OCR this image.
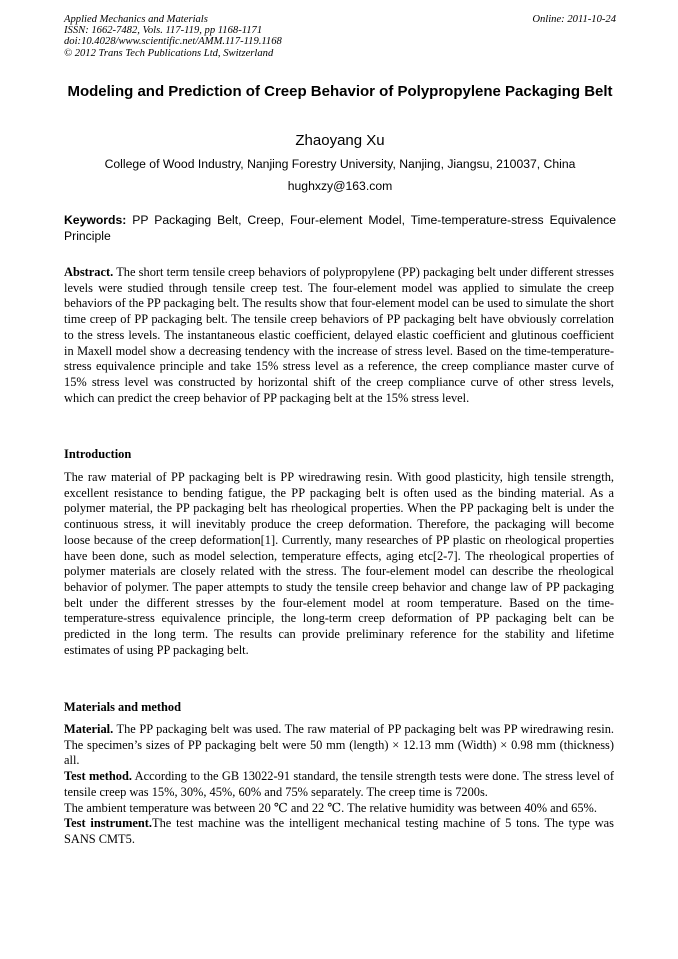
Applied Mechanics and Materials
ISSN: 1662-7482, Vols. 117-119, pp 1168-1171
doi:10.4028/www.scientific.net/AMM.117-119.1168
© 2012 Trans Tech Publications Ltd, Switzerland
Online: 2011-10-24
Modeling and Prediction of Creep Behavior of Polypropylene Packaging Belt
Zhaoyang Xu
College of Wood Industry, Nanjing Forestry University, Nanjing, Jiangsu, 210037, China
hughxzy@163.com
Keywords: PP Packaging Belt, Creep, Four-element Model, Time-temperature-stress Equivalence Principle

Abstract. The short term tensile creep behaviors of polypropylene (PP) packaging belt under different stresses levels were studied through tensile creep test. The four-element model was applied to simulate the creep behaviors of the PP packaging belt. The results show that four-element model can be used to simulate the short time creep of PP packaging belt. The tensile creep behaviors of PP packaging belt have obviously correlation to the stress levels. The instantaneous elastic coefficient, delayed elastic coefficient and glutinous coefficient in Maxell model show a decreasing tendency with the increase of stress level. Based on the time-temperature-stress equivalence principle and take 15% stress level as a reference, the creep compliance master curve of 15% stress level was constructed by horizontal shift of the creep compliance curve of other stress levels, which can predict the creep behavior of PP packaging belt at the 15% stress level.

Introduction

The raw material of PP packaging belt is PP wiredrawing resin. With good plasticity, high tensile strength, excellent resistance to bending fatigue, the PP packaging belt is often used as the binding material. As a polymer material, the PP packaging belt has rheological properties. When the PP packaging belt is under the continuous stress, it will inevitably produce the creep deformation. Therefore, the packaging will become loose because of the creep deformation[1]. Currently, many researches of PP plastic on rheological properties have been done, such as model selection, temperature effects, aging etc[2-7]. The rheological properties of polymer materials are closely related with the stress. The four-element model can describe the rheological behavior of polymer. The paper attempts to study the tensile creep behavior and change law of PP packaging belt under the different stresses by the four-element model at room temperature. Based on the time-temperature-stress equivalence principle, the long-term creep deformation of PP packaging belt can be predicted in the long term. The results can provide preliminary reference for the stability and lifetime estimates of using PP packaging belt.

Materials and method

Material. The PP packaging belt was used. The raw material of PP packaging belt was PP wiredrawing resin. The specimen’s sizes of PP packaging belt were 50 mm (length) × 12.13 mm (Width) × 0.98 mm (thickness) all.

Test method. According to the GB 13022-91 standard, the tensile strength tests were done. The stress level of tensile creep was 15%, 30%, 45%, 60% and 75% separately. The creep time is 7200s.

The ambient temperature was between 20 ℃ and 22 ℃. The relative humidity was between 40% and 65%.

Test instrument.The test machine was the intelligent mechanical testing machine of 5 tons. The type was SANS CMT5.
